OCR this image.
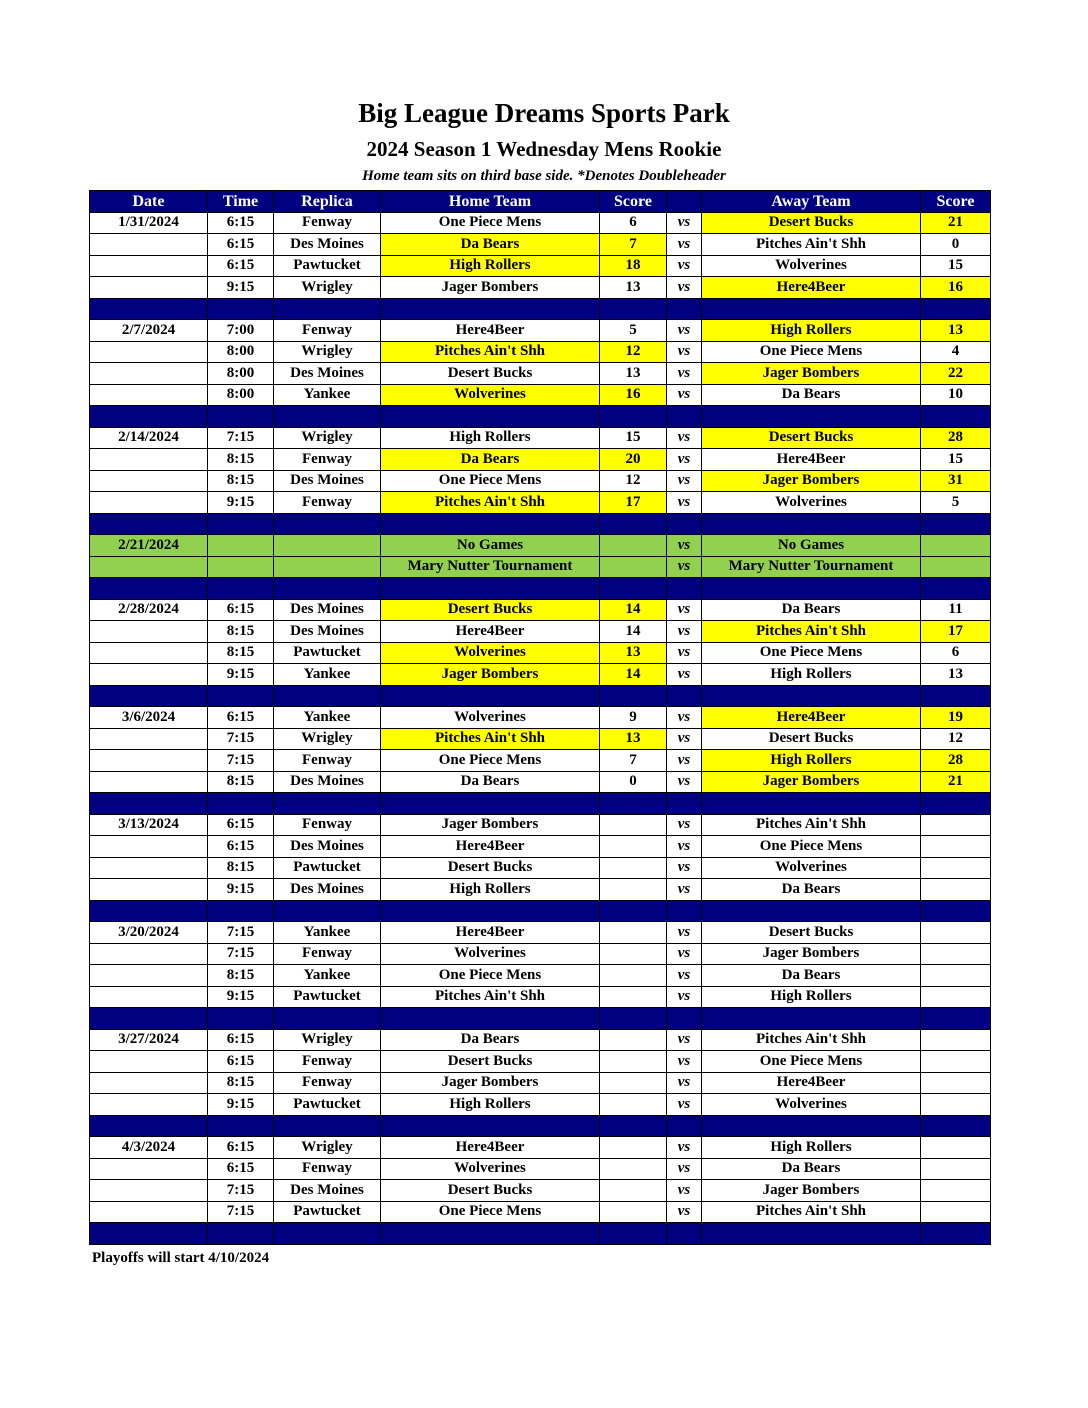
Big League Dreams Sports Park
2024 Season 1 Wednesday Mens Rookie
Home team sits on third base side. *Denotes Doubleheader
Date	Time	Replica	Home Team	Score		Away Team	Score
1/31/2024	6:15	Fenway	One Piece Mens	6	vs	Desert Bucks	21
	6:15	Des Moines	Da Bears	7	vs	Pitches Ain't Shh	0
	6:15	Pawtucket	High Rollers	18	vs	Wolverines	15
	9:15	Wrigley	Jager Bombers	13	vs	Here4Beer	16

2/7/2024	7:00	Fenway	Here4Beer	5	vs	High Rollers	13
	8:00	Wrigley	Pitches Ain't Shh	12	vs	One Piece Mens	4
	8:00	Des Moines	Desert Bucks	13	vs	Jager Bombers	22
	8:00	Yankee	Wolverines	16	vs	Da Bears	10

2/14/2024	7:15	Wrigley	High Rollers	15	vs	Desert Bucks	28
	8:15	Fenway	Da Bears	20	vs	Here4Beer	15
	8:15	Des Moines	One Piece Mens	12	vs	Jager Bombers	31
	9:15	Fenway	Pitches Ain't Shh	17	vs	Wolverines	5

2/21/2024			No Games		vs	No Games	
			Mary Nutter Tournament		vs	Mary Nutter Tournament	

2/28/2024	6:15	Des Moines	Desert Bucks	14	vs	Da Bears	11
	8:15	Des Moines	Here4Beer	14	vs	Pitches Ain't Shh	17
	8:15	Pawtucket	Wolverines	13	vs	One Piece Mens	6
	9:15	Yankee	Jager Bombers	14	vs	High Rollers	13

3/6/2024	6:15	Yankee	Wolverines	9	vs	Here4Beer	19
	7:15	Wrigley	Pitches Ain't Shh	13	vs	Desert Bucks	12
	7:15	Fenway	One Piece Mens	7	vs	High Rollers	28
	8:15	Des Moines	Da Bears	0	vs	Jager Bombers	21

3/13/2024	6:15	Fenway	Jager Bombers		vs	Pitches Ain't Shh	
	6:15	Des Moines	Here4Beer		vs	One Piece Mens	
	8:15	Pawtucket	Desert Bucks		vs	Wolverines	
	9:15	Des Moines	High Rollers		vs	Da Bears	

3/20/2024	7:15	Yankee	Here4Beer		vs	Desert Bucks	
	7:15	Fenway	Wolverines		vs	Jager Bombers	
	8:15	Yankee	One Piece Mens		vs	Da Bears	
	9:15	Pawtucket	Pitches Ain't Shh		vs	High Rollers	

3/27/2024	6:15	Wrigley	Da Bears		vs	Pitches Ain't Shh	
	6:15	Fenway	Desert Bucks		vs	One Piece Mens	
	8:15	Fenway	Jager Bombers		vs	Here4Beer	
	9:15	Pawtucket	High Rollers		vs	Wolverines	

4/3/2024	6:15	Wrigley	Here4Beer		vs	High Rollers	
	6:15	Fenway	Wolverines		vs	Da Bears	
	7:15	Des Moines	Desert Bucks		vs	Jager Bombers	
	7:15	Pawtucket	One Piece Mens		vs	Pitches Ain't Shh	

Playoffs will start 4/10/2024
